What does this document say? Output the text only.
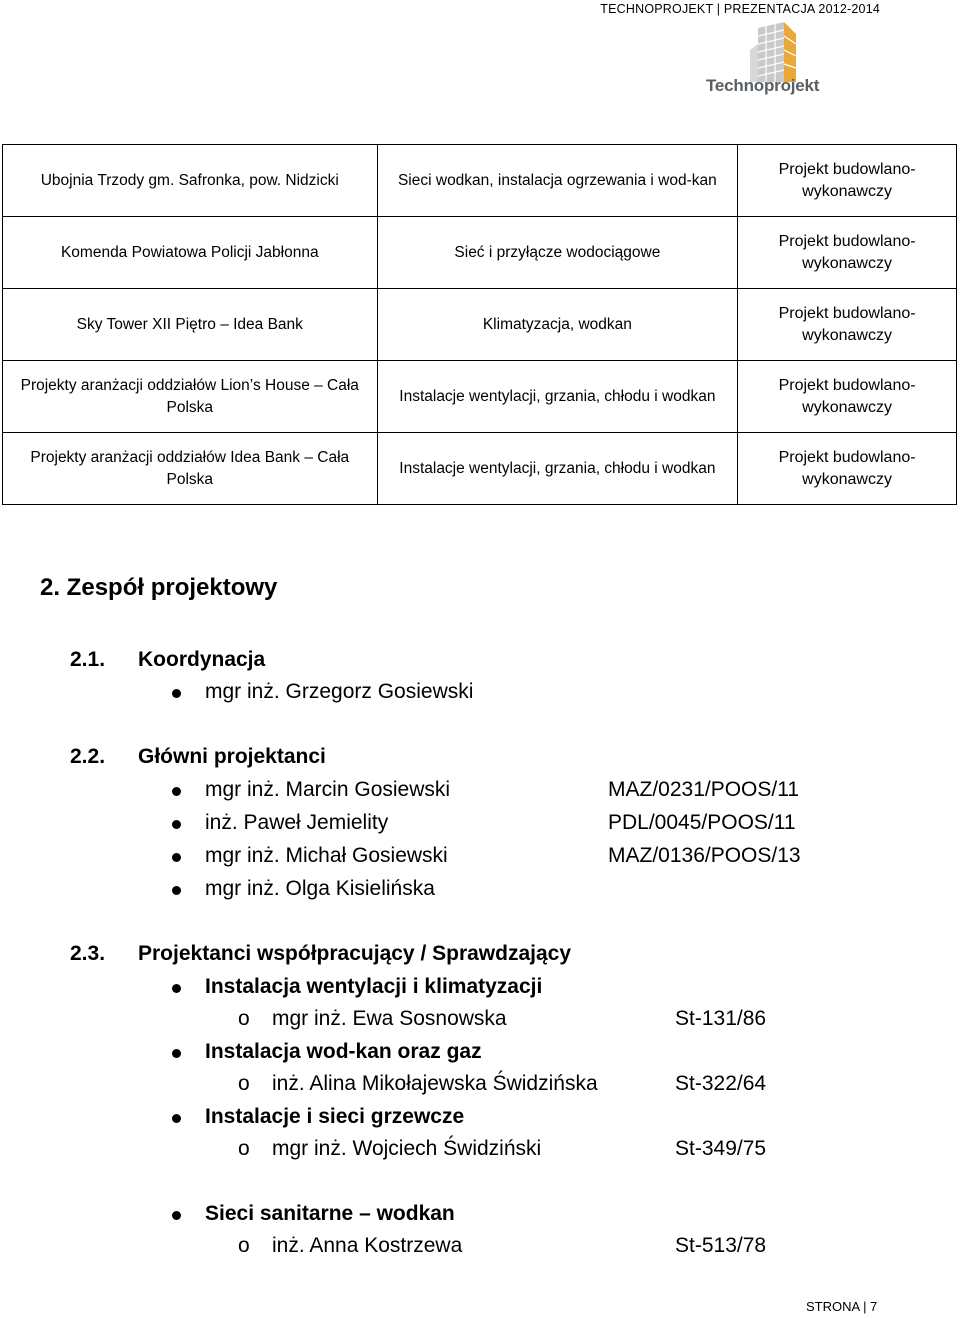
TECHNOPROJEKT | PREZENTACJA 2012-2014
Technoprojekt
Ubojnia Trzody gm. Safronka, pow. Nidzicki	Sieci wodkan, instalacja ogrzewania i wod-kan	Projekt budowlano-wykonawczy
Komenda Powiatowa Policji Jabłonna	Sieć i przyłącze wodociągowe	Projekt budowlano-wykonawczy
Sky Tower XII Piętro – Idea Bank	Klimatyzacja, wodkan	Projekt budowlano-wykonawczy
Projekty aranżacji oddziałów Lion’s House – Cała Polska	Instalacje wentylacji, grzania, chłodu i wodkan	Projekt budowlano-wykonawczy
Projekty aranżacji oddziałów Idea Bank – Cała Polska	Instalacje wentylacji, grzania, chłodu i wodkan	Projekt budowlano-wykonawczy
2. Zespół projektowy
2.1. Koordynacja
mgr inż. Grzegorz Gosiewski
2.2. Główni projektanci
mgr inż. Marcin Gosiewski	MAZ/0231/POOS/11
inż. Paweł Jemielity	PDL/0045/POOS/11
mgr inż. Michał Gosiewski	MAZ/0136/POOS/13
mgr inż. Olga Kisielińska
2.3. Projektanci współpracujący / Sprawdzający
Instalacja wentylacji i klimatyzacji
o mgr inż. Ewa Sosnowska	St-131/86
Instalacja wod-kan oraz gaz
o inż. Alina Mikołajewska Świdzińska	St-322/64
Instalacje i sieci grzewcze
o mgr inż. Wojciech Świdziński	St-349/75
Sieci sanitarne – wodkan
o inż. Anna Kostrzewa	St-513/78
STRONA | 7
